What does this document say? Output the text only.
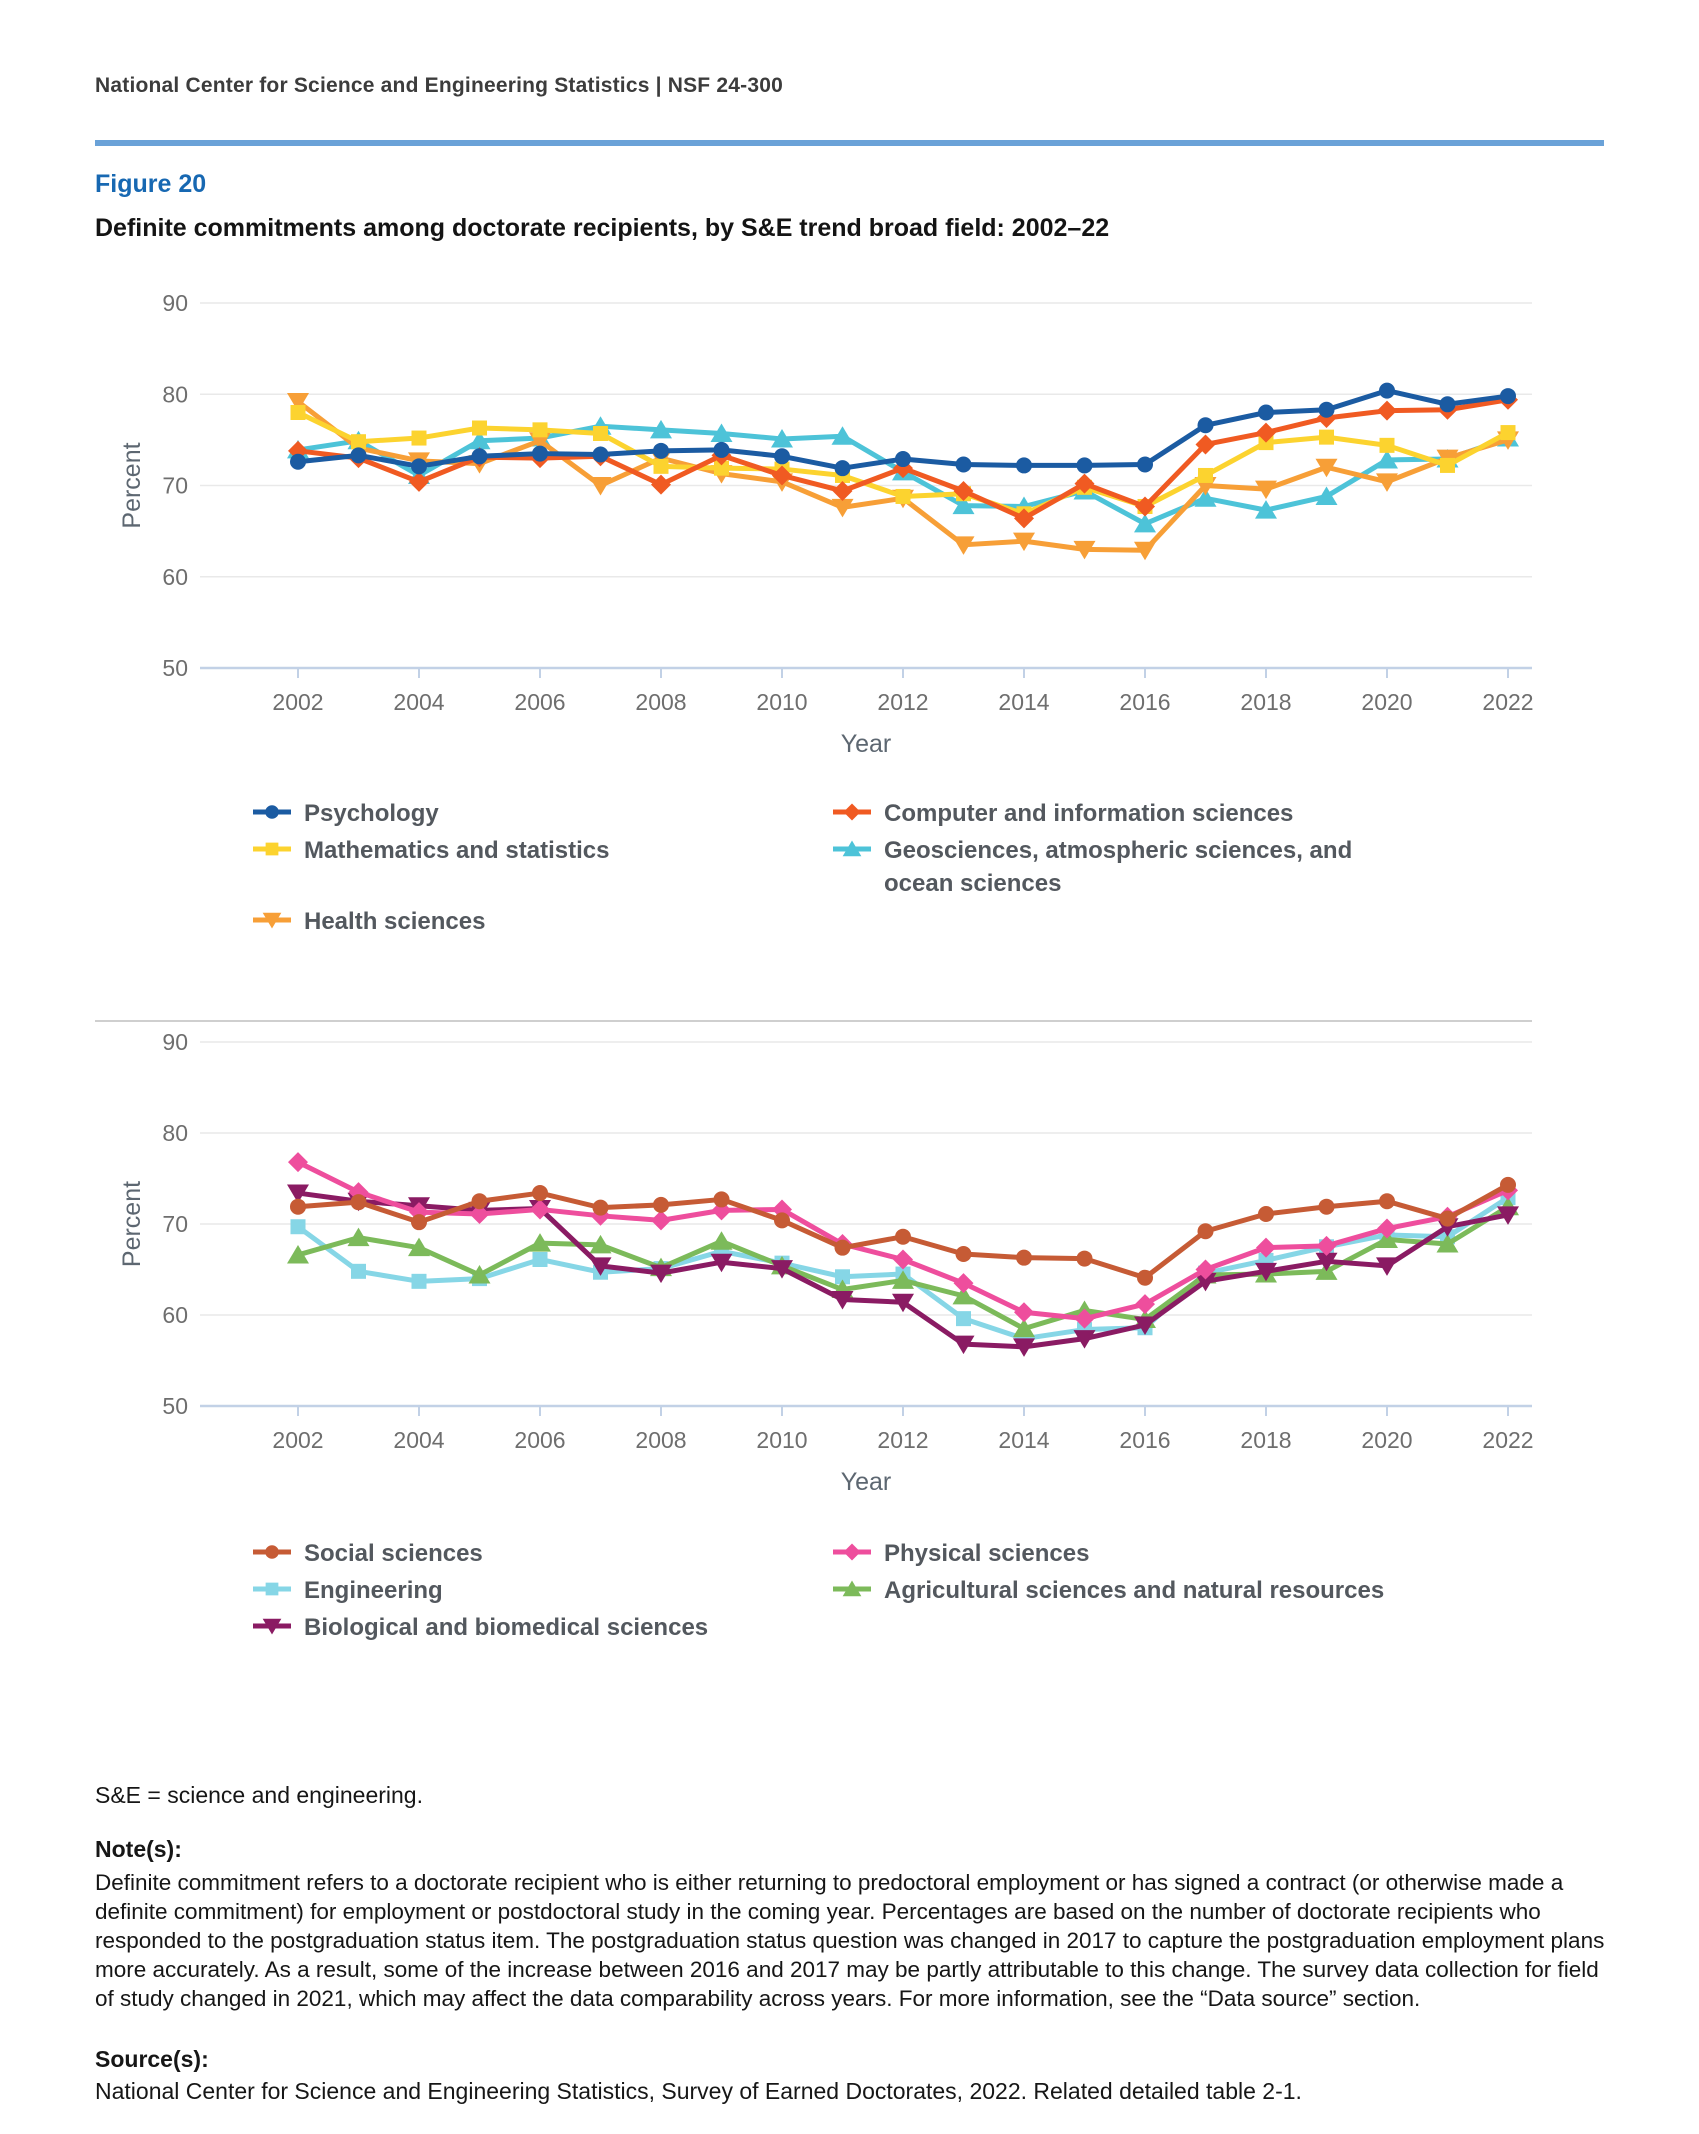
National Center for Science and Engineering Statistics | NSF 24-300
Figure 20
Definite commitments among doctorate recipients, by S&E trend broad field: 2002–22
50
60
70
80
90
2002	2004	2006	2008	2010	2012	2014	2016	2018	2020	2022
Percent
Year
Psychology	Computer and information sciences
Mathematics and statistics	Geosciences, atmospheric sciences, and ocean sciences
Health sciences
50
60
70
80
90
2002	2004	2006	2008	2010	2012	2014	2016	2018	2020	2022
Percent
Year
Social sciences	Physical sciences
Engineering	Agricultural sciences and natural resources
Biological and biomedical sciences
S&E = science and engineering.
Note(s):
Definite commitment refers to a doctorate recipient who is either returning to predoctoral employment or has signed a contract (or otherwise made a definite commitment) for employment or postdoctoral study in the coming year. Percentages are based on the number of doctorate recipients who responded to the postgraduation status item. The postgraduation status question was changed in 2017 to capture the postgraduation employment plans more accurately. As a result, some of the increase between 2016 and 2017 may be partly attributable to this change. The survey data collection for field of study changed in 2021, which may affect the data comparability across years. For more information, see the “Data source” section.
Source(s):
National Center for Science and Engineering Statistics, Survey of Earned Doctorates, 2022. Related detailed table 2-1.
